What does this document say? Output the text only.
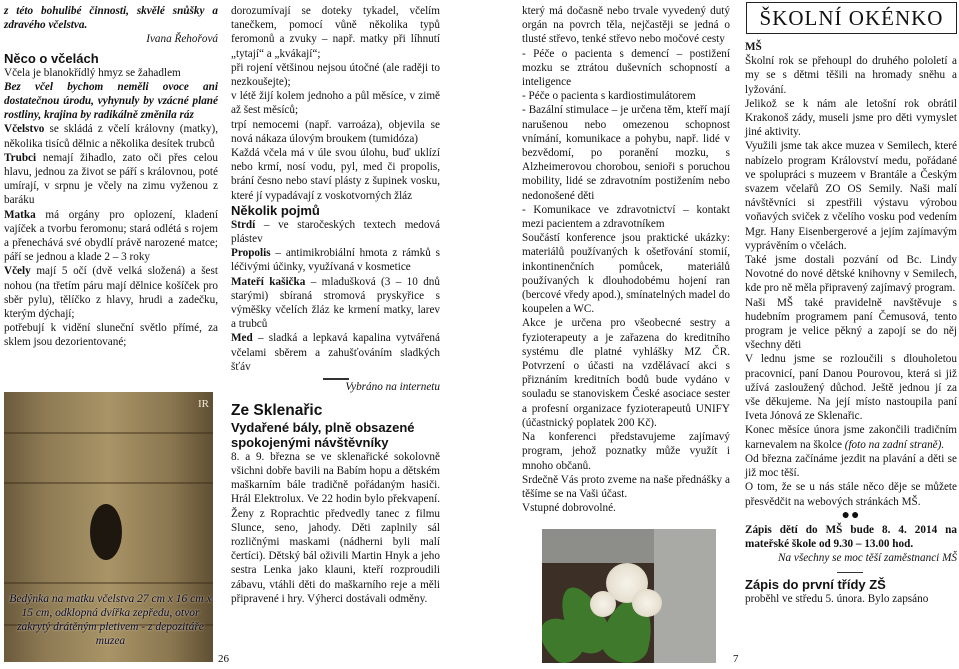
z této bohulibé činnosti, skvělé snůšky a zdravého včelstva.

Ivana Řehořová

Něco o včelách

Včela je blanokřídlý hmyz se žahadlem

Bez včel bychom neměli ovoce ani dostatečnou úrodu, vyhynuly by vzácné plané rostliny, krajina by radikálně změnila ráz

Včelstvo se skládá z včelí královny (matky), několika tisíců dělnic a několika desítek trubců

Trubci nemají žihadlo, zato oči přes celou hlavu, jednou za život se páří s královnou, poté umírají, v srpnu je včely na zimu vyženou z baráku

Matka má orgány pro oplození, kladení vajíček a tvorbu feromonu; stará odlétá s rojem a přenechává své obydlí právě narozené matce; páří se jednou a klade 2 – 3 roky

Včely mají 5 očí (dvě velká složená) a šest nohou (na třetím páru mají dělnice košíček pro sběr pylu), tělíčko z hlavy, hrudi a zadečku, kterým dýchají;

potřebují k vidění sluneční světlo přímé, za sklem jsou dezorientované;

IR
Bedýnka na matku včelstva 27 cm x 16 cm x 15 cm, odklopná dvířka zepředu, otvor zakrytý drátěným pletivem - z depozitáře muzea
26

dorozumívají se doteky tykadel, včelím tanečkem, pomocí vůně několika typů feromonů a zvuky – např. matky při líhnutí „tytají“ a „kvákají“;

při rojení většinou nejsou útočné (ale raději to nezkoušejte);

v létě žijí kolem jednoho a půl měsíce, v zimě až šest měsíců;

trpí nemocemi (např. varroáza), objevila se nová nákaza úlovým broukem (tumidóza)

Každá včela má v úle svou úlohu, buď uklízí nebo krmí, nosí vodu, pyl, med či propolis, brání česno nebo staví plásty z šupinek vosku, které jí vypadávají z voskotvorných žláz

Několik pojmů

Strdí – ve staročeských textech medová plástev

Propolis – antimikrobiální hmota z rámků s léčivými účinky, využívaná v kosmetice

Mateří kašička – mladušková (3 – 10 dnů starými) sbíraná stromová pryskyřice s výměšky včelích žláz ke krmení matky, larev a trubců

Med – sladká a lepkavá kapalina vytvářená včelami sběrem a zahušťováním sladkých šťáv

Vybráno na internetu

Ze Sklenařic

Vydařené bály, plně obsazené spokojenými návštěvníky

8. a 9. března se ve sklenařické sokolovně všichni dobře bavili na Babím hopu a dětském maškarním bále tradičně pořádaným hasiči. Hrál Elektrolux. Ve 22 hodin bylo překvapení. Ženy z Roprachtic předvedly tanec z filmu Slunce, seno, jahody. Děti zaplnily sál rozličnými maskami (nádherni byli malí čertíci). Dětský bál oživili Martin Hnyk a jeho sestra Lenka jako klauni, kteří rozproudili zábavu, vtáhli děti do maškarního reje a měli připravené i hry. Výherci dostávali odměny.

který má dočasně nebo trvale vyvedený dutý orgán na povrch těla, nejčastěji se jedná o tlusté střevo, tenké střevo nebo močové cesty

- Péče o pacienta s demencí – postižení mozku se ztrátou duševních schopností a inteligence

- Péče o pacienta s kardiostimulátorem

- Bazální stimulace – je určena těm, kteří mají narušenou nebo omezenou schopnost vnímání, komunikace a pohybu, např. lidé v bezvědomí, po poranění mozku, s Alzheimerovou chorobou, senioři s poruchou mobility, lidé se zdravotním postižením nebo nedonošené děti

- Komunikace ve zdravotnictví – kontakt mezi pacientem a zdravotníkem

Součástí konference jsou praktické ukázky: materiálů používaných k ošetřování stomií, inkontinenčních pomůcek, materiálů používaných k dlouhodobému hojení ran (bercové vředy apod.), smínatelných madel do koupelen a WC.

Akce je určena pro všeobecné sestry a fyzioterapeuty a je zařazena do kreditního systému dle platné vyhlášky MZ ČR. Potvrzení o účasti na vzdělávací akci s přiznáním kreditních bodů bude vydáno v souladu se stanoviskem České asociace sester a profesní organizace fyzioterapeutů UNIFY (účastnický poplatek 200 Kč).

Na konferenci představujeme zajímavý program, jehož poznatky může využít i mnoho občanů.

Srdečně Vás proto zveme na naše přednášky a těšíme se na Vaši účast.

Vstupné dobrovolné.

7
ŠKOLNÍ OKÉNKO

MŠ

Školní rok se přehoupl do druhého pololetí a my se s dětmi těšili na hromady sněhu a lyžování.

Jelikož se k nám ale letošní rok obrátil Krakonoš zády, museli jsme pro děti vymyslet jiné aktivity.

Využili jsme tak akce muzea v Semilech, které nabízelo program Království medu, pořádané ve spolupráci s muzeem v Brantále a Českým svazem včelařů ZO OS Semily. Naši malí návštěvníci si zpestřili výstavu výrobou voňavých sviček z včelího vosku pod vedením Mgr. Hany Eisenbergerové a jejím zajímavým vyprávěním o včelách.

Také jsme dostali pozvání od Bc. Lindy Novotné do nové dětské knihovny v Semilech, kde pro ně měla připravený zajímavý program.

Naši MŠ také pravidelně navštěvuje s hudebním programem paní Čemusová, tento program je velice pěkný a zapojí se do něj všechny děti

V lednu jsme se rozloučili s dlouholetou pracovnicí, paní Danou Pourovou, která si již užívá zasloužený důchod. Ještě jednou jí za vše děkujeme. Na její místo nastoupila paní Iveta Jónová ze Sklenařic.

Konec měsíce února jsme zakončili tradičním karnevalem na školce (foto na zadní straně).

Od března začínáme jezdit na plavání a děti se již moc těší.

O tom, že se u nás stále něco děje se můžete přesvědčit na webových stránkách MŠ.

●●

Zápis dětí do MŠ bude 8. 4. 2014 na mateřské škole od 9.30 – 13.00 hod.

Na všechny se moc těší zaměstnanci MŠ

Zápis do první třídy ZŠ

proběhl ve středu 5. února. Bylo zapsáno
